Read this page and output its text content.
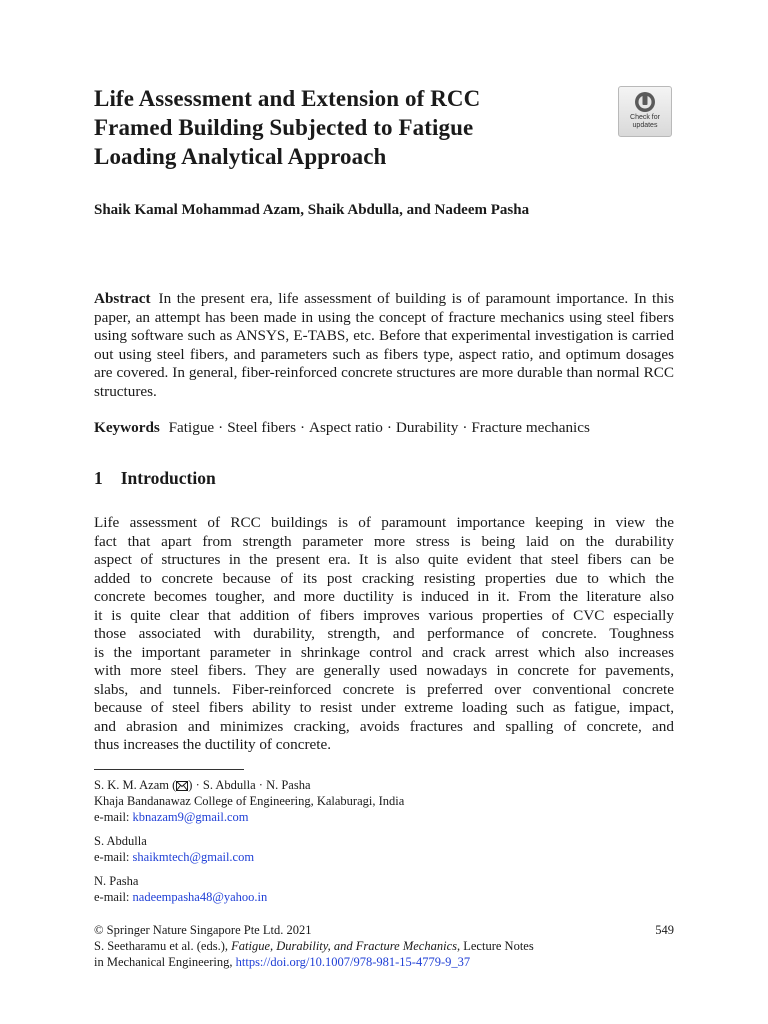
Life Assessment and Extension of RCC
Framed Building Subjected to Fatigue
Loading Analytical Approach
Check for
updates
Shaik Kamal Mohammad Azam, Shaik Abdulla, and Nadeem Pasha
Abstract In the present era, life assessment of building is of paramount importance. In this paper, an attempt has been made in using the concept of fracture mechanics using steel fibers using software such as ANSYS, E-TABS, etc. Before that experimental investigation is carried out using steel fibers, and parameters such as fibers type, aspect ratio, and optimum dosages are covered. In general, fiber-reinforced concrete structures are more durable than normal RCC structures.
Keywords Fatigue · Steel fibers · Aspect ratio · Durability · Fracture mechanics
1 Introduction
Life assessment of RCC buildings is of paramount importance keeping in view the
fact that apart from strength parameter more stress is being laid on the durability
aspect of structures in the present era. It is also quite evident that steel fibers can be
added to concrete because of its post cracking resisting properties due to which the
concrete becomes tougher, and more ductility is induced in it. From the literature also
it is quite clear that addition of fibers improves various properties of CVC especially
those associated with durability, strength, and performance of concrete. Toughness
is the important parameter in shrinkage control and crack arrest which also increases
with more steel fibers. They are generally used nowadays in concrete for pavements,
slabs, and tunnels. Fiber-reinforced concrete is preferred over conventional concrete
because of steel fibers ability to resist under extreme loading such as fatigue, impact,
and abrasion and minimizes cracking, avoids fractures and spalling of concrete, and
thus increases the ductility of concrete.
S. K. M. Azam ( ) · S. Abdulla · N. Pasha
Khaja Bandanawaz College of Engineering, Kalaburagi, India
e-mail: kbnazam9@gmail.com
S. Abdulla
e-mail: shaikmtech@gmail.com
N. Pasha
e-mail: nadeempasha48@yahoo.in
© Springer Nature Singapore Pte Ltd. 2021	549
S. Seetharamu et al. (eds.), Fatigue, Durability, and Fracture Mechanics, Lecture Notes
in Mechanical Engineering, https://doi.org/10.1007/978-981-15-4779-9_37
